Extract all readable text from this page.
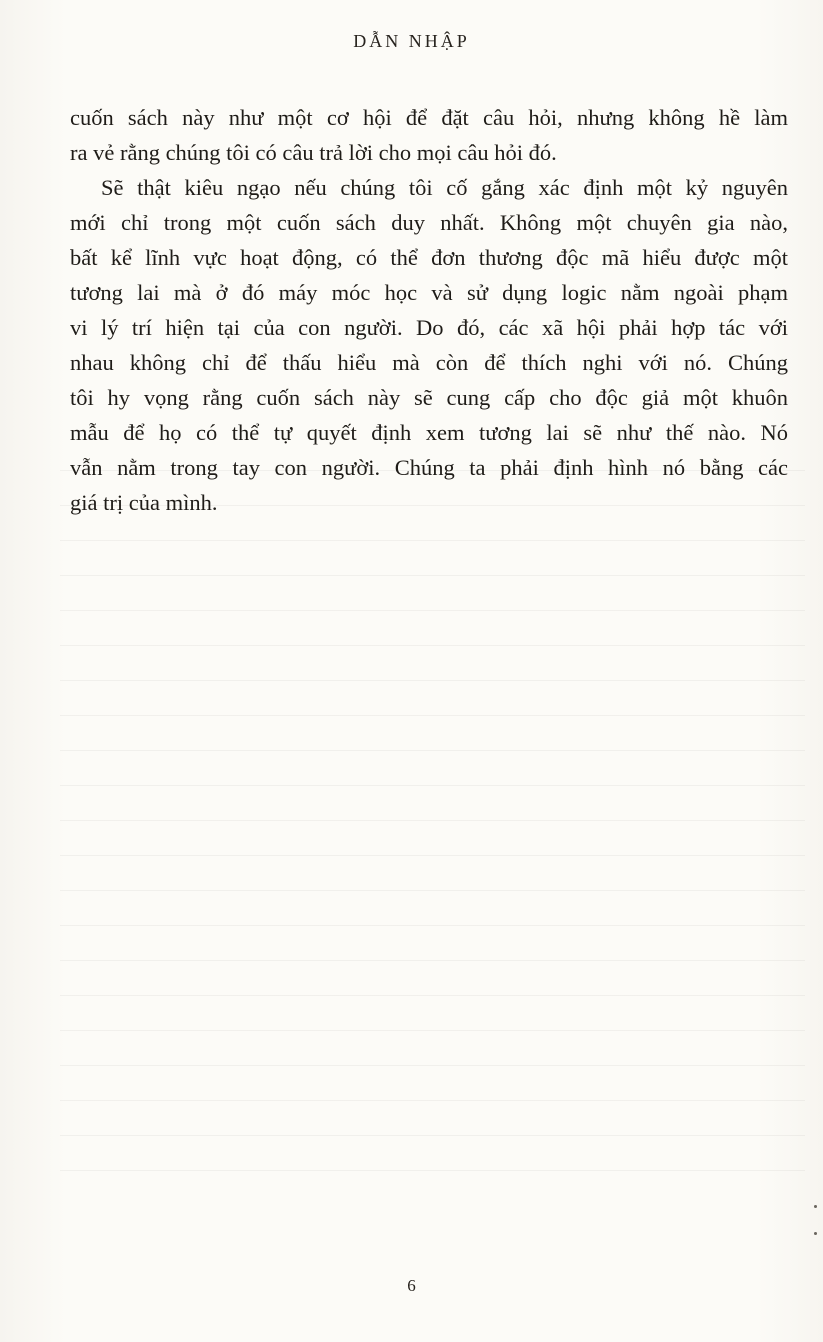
DẪN NHẬP

cuốn sách này như một cơ hội để đặt câu hỏi, nhưng không hề làm
ra vẻ rằng chúng tôi có câu trả lời cho mọi câu hỏi đó.

Sẽ thật kiêu ngạo nếu chúng tôi cố gắng xác định một kỷ nguyên
mới chỉ trong một cuốn sách duy nhất. Không một chuyên gia nào,
bất kể lĩnh vực hoạt động, có thể đơn thương độc mã hiểu được một
tương lai mà ở đó máy móc học và sử dụng logic nằm ngoài phạm
vi lý trí hiện tại của con người. Do đó, các xã hội phải hợp tác với
nhau không chỉ để thấu hiểu mà còn để thích nghi với nó. Chúng
tôi hy vọng rằng cuốn sách này sẽ cung cấp cho độc giả một khuôn
mẫu để họ có thể tự quyết định xem tương lai sẽ như thế nào. Nó
vẫn nằm trong tay con người. Chúng ta phải định hình nó bằng các
giá trị của mình.

6
